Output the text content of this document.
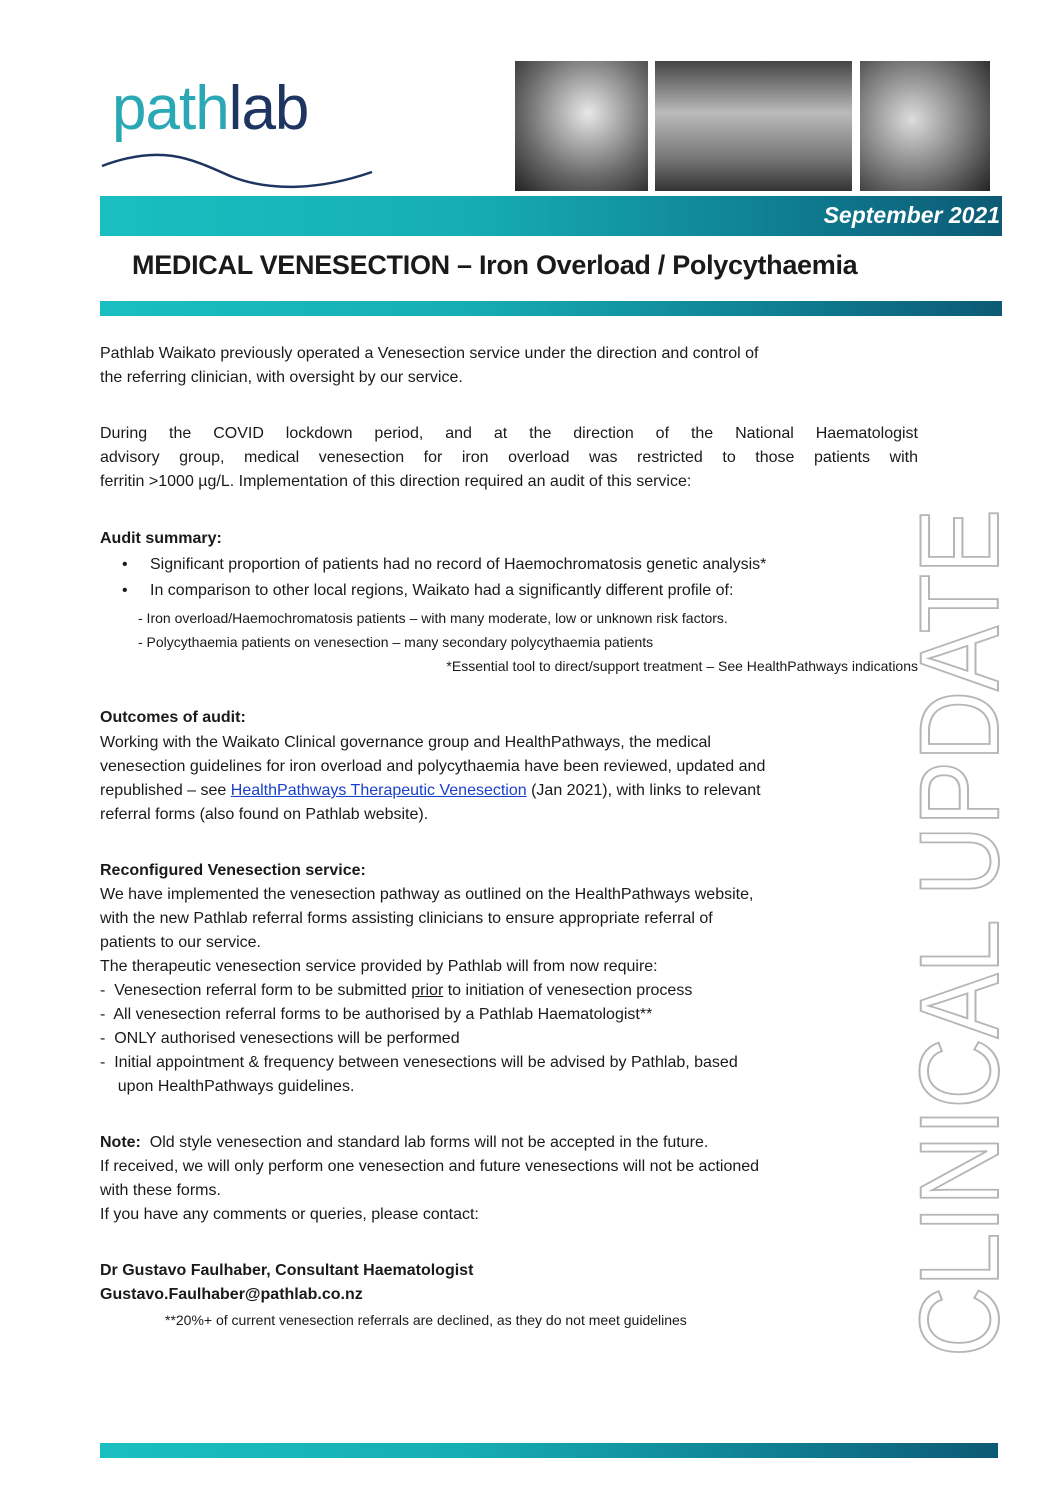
pathlab
September 2021
MEDICAL VENESECTION – Iron Overload / Polycythaemia
CLINICAL UPDATE
Pathlab Waikato previously operated a Venesection service under the direction and control of
the referring clinician, with oversight by our service.
During the COVID lockdown period, and at the direction of the National Haematologist
advisory group, medical venesection for iron overload was restricted to those patients with
ferritin >1000 µg/L. Implementation of this direction required an audit of this service:
Audit summary:
• Significant proportion of patients had no record of Haemochromatosis genetic analysis*
• In comparison to other local regions, Waikato had a significantly different profile of:
- Iron overload/Haemochromatosis patients – with many moderate, low or unknown risk factors.
- Polycythaemia patients on venesection – many secondary polycythaemia patients
*Essential tool to direct/support treatment – See HealthPathways indications
Outcomes of audit:
Working with the Waikato Clinical governance group and HealthPathways, the medical
venesection guidelines for iron overload and polycythaemia have been reviewed, updated and
republished – see HealthPathways Therapeutic Venesection (Jan 2021), with links to relevant
referral forms (also found on Pathlab website).
Reconfigured Venesection service:
We have implemented the venesection pathway as outlined on the HealthPathways website,
with the new Pathlab referral forms assisting clinicians to ensure appropriate referral of
patients to our service.
The therapeutic venesection service provided by Pathlab will from now require:
-  Venesection referral form to be submitted prior to initiation of venesection process
-  All venesection referral forms to be authorised by a Pathlab Haematologist**
-  ONLY authorised venesections will be performed
-  Initial appointment & frequency between venesections will be advised by Pathlab, based
upon HealthPathways guidelines.
Note:  Old style venesection and standard lab forms will not be accepted in the future.
If received, we will only perform one venesection and future venesections will not be actioned
with these forms.
If you have any comments or queries, please contact:
Dr Gustavo Faulhaber, Consultant Haematologist
Gustavo.Faulhaber@pathlab.co.nz
**20%+ of current venesection referrals are declined, as they do not meet guidelines
